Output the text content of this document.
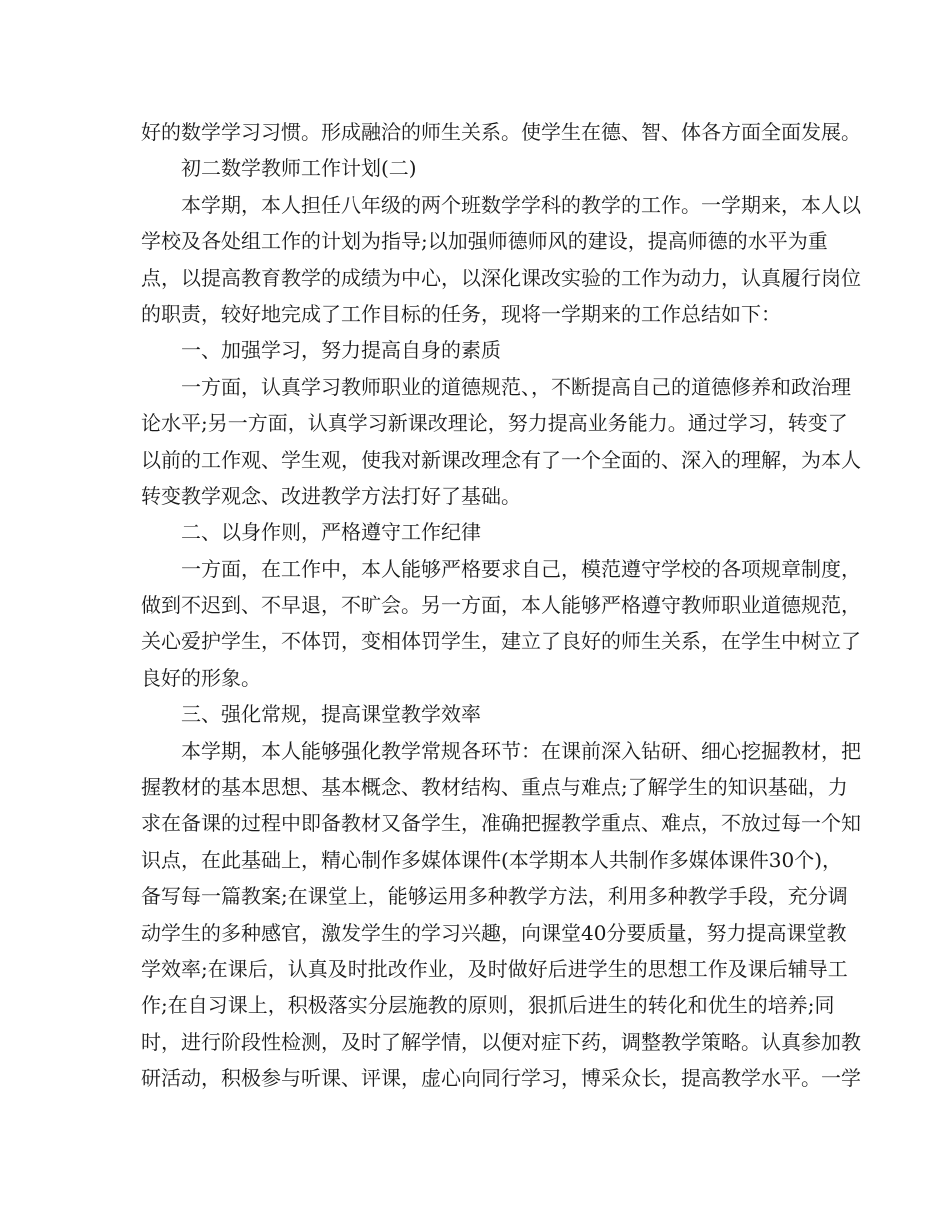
好的数学学习习惯。形成融洽的师生关系。使学生在德、智、体各方面全面发展。
初二数学教师工作计划(二)
本学期，本人担任八年级的两个班数学学科的教学的工作。一学期来，本人以
学校及各处组工作的计划为指导;以加强师德师风的建设，提高师德的水平为重
点，以提高教育教学的成绩为中心，以深化课改实验的工作为动力，认真履行岗位
的职责，较好地完成了工作目标的任务，现将一学期来的工作总结如下：
一、加强学习，努力提高自身的素质
一方面，认真学习教师职业的道德规范、，不断提高自己的道德修养和政治理
论水平;另一方面，认真学习新课改理论，努力提高业务能力。通过学习，转变了
以前的工作观、学生观，使我对新课改理念有了一个全面的、深入的理解，为本人
转变教学观念、改进教学方法打好了基础。
二、以身作则，严格遵守工作纪律
一方面，在工作中，本人能够严格要求自己，模范遵守学校的各项规章制度，
做到不迟到、不早退，不旷会。另一方面，本人能够严格遵守教师职业道德规范，
关心爱护学生，不体罚，变相体罚学生，建立了良好的师生关系，在学生中树立了
良好的形象。
三、强化常规，提高课堂教学效率
本学期，本人能够强化教学常规各环节：在课前深入钻研、细心挖掘教材，把
握教材的基本思想、基本概念、教材结构、重点与难点;了解学生的知识基础，力
求在备课的过程中即备教材又备学生，准确把握教学重点、难点，不放过每一个知
识点，在此基础上，精心制作多媒体课件(本学期本人共制作多媒体课件30个)，
备写每一篇教案;在课堂上，能够运用多种教学方法，利用多种教学手段，充分调
动学生的多种感官，激发学生的学习兴趣，向课堂40分要质量，努力提高课堂教
学效率;在课后，认真及时批改作业，及时做好后进学生的思想工作及课后辅导工
作;在自习课上，积极落实分层施教的原则，狠抓后进生的转化和优生的培养;同
时，进行阶段性检测，及时了解学情，以便对症下药，调整教学策略。认真参加教
研活动，积极参与听课、评课，虚心向同行学习，博采众长，提高教学水平。一学
